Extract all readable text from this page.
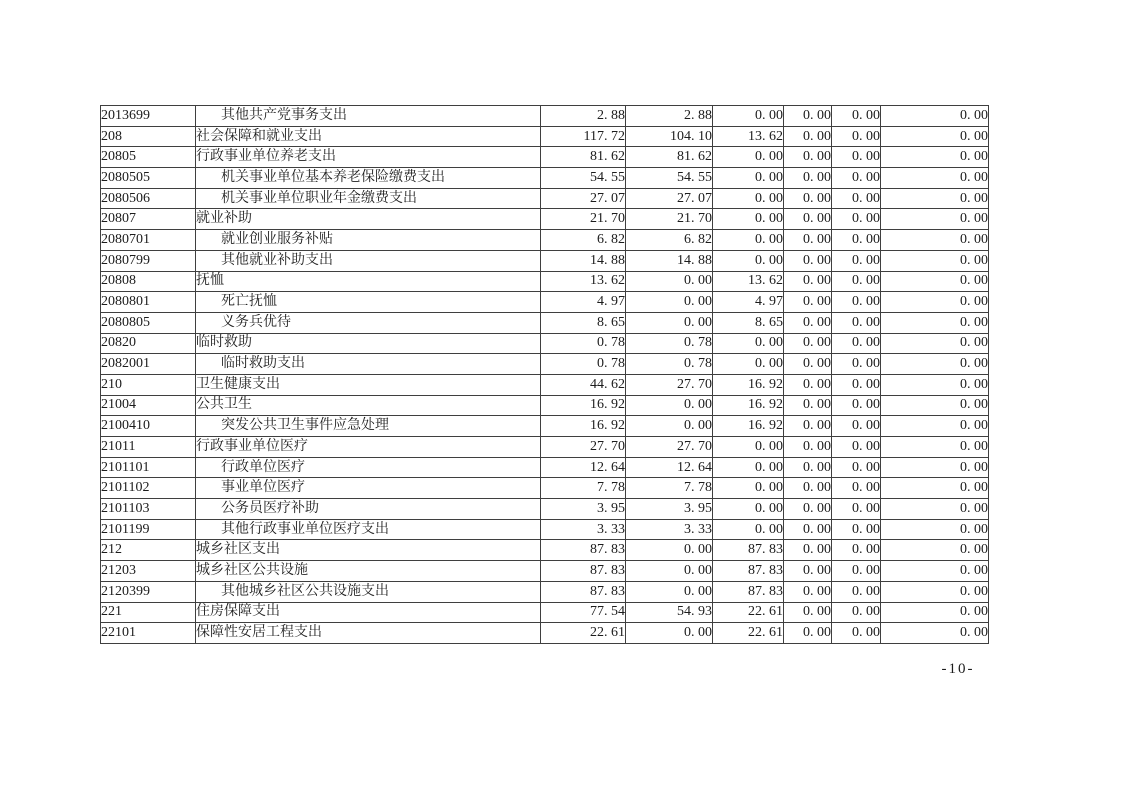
2013699	其他共产党事务支出	2. 88	2. 88	0. 00	0. 00	0. 00	0. 00
208	社会保障和就业支出	117. 72	104. 10	13. 62	0. 00	0. 00	0. 00
20805	行政事业单位养老支出	81. 62	81. 62	0. 00	0. 00	0. 00	0. 00
2080505	机关事业单位基本养老保险缴费支出	54. 55	54. 55	0. 00	0. 00	0. 00	0. 00
2080506	机关事业单位职业年金缴费支出	27. 07	27. 07	0. 00	0. 00	0. 00	0. 00
20807	就业补助	21. 70	21. 70	0. 00	0. 00	0. 00	0. 00
2080701	就业创业服务补贴	6. 82	6. 82	0. 00	0. 00	0. 00	0. 00
2080799	其他就业补助支出	14. 88	14. 88	0. 00	0. 00	0. 00	0. 00
20808	抚恤	13. 62	0. 00	13. 62	0. 00	0. 00	0. 00
2080801	死亡抚恤	4. 97	0. 00	4. 97	0. 00	0. 00	0. 00
2080805	义务兵优待	8. 65	0. 00	8. 65	0. 00	0. 00	0. 00
20820	临时救助	0. 78	0. 78	0. 00	0. 00	0. 00	0. 00
2082001	临时救助支出	0. 78	0. 78	0. 00	0. 00	0. 00	0. 00
210	卫生健康支出	44. 62	27. 70	16. 92	0. 00	0. 00	0. 00
21004	公共卫生	16. 92	0. 00	16. 92	0. 00	0. 00	0. 00
2100410	突发公共卫生事件应急处理	16. 92	0. 00	16. 92	0. 00	0. 00	0. 00
21011	行政事业单位医疗	27. 70	27. 70	0. 00	0. 00	0. 00	0. 00
2101101	行政单位医疗	12. 64	12. 64	0. 00	0. 00	0. 00	0. 00
2101102	事业单位医疗	7. 78	7. 78	0. 00	0. 00	0. 00	0. 00
2101103	公务员医疗补助	3. 95	3. 95	0. 00	0. 00	0. 00	0. 00
2101199	其他行政事业单位医疗支出	3. 33	3. 33	0. 00	0. 00	0. 00	0. 00
212	城乡社区支出	87. 83	0. 00	87. 83	0. 00	0. 00	0. 00
21203	城乡社区公共设施	87. 83	0. 00	87. 83	0. 00	0. 00	0. 00
2120399	其他城乡社区公共设施支出	87. 83	0. 00	87. 83	0. 00	0. 00	0. 00
221	住房保障支出	77. 54	54. 93	22. 61	0. 00	0. 00	0. 00
22101	保障性安居工程支出	22. 61	0. 00	22. 61	0. 00	0. 00	0. 00
-10-
